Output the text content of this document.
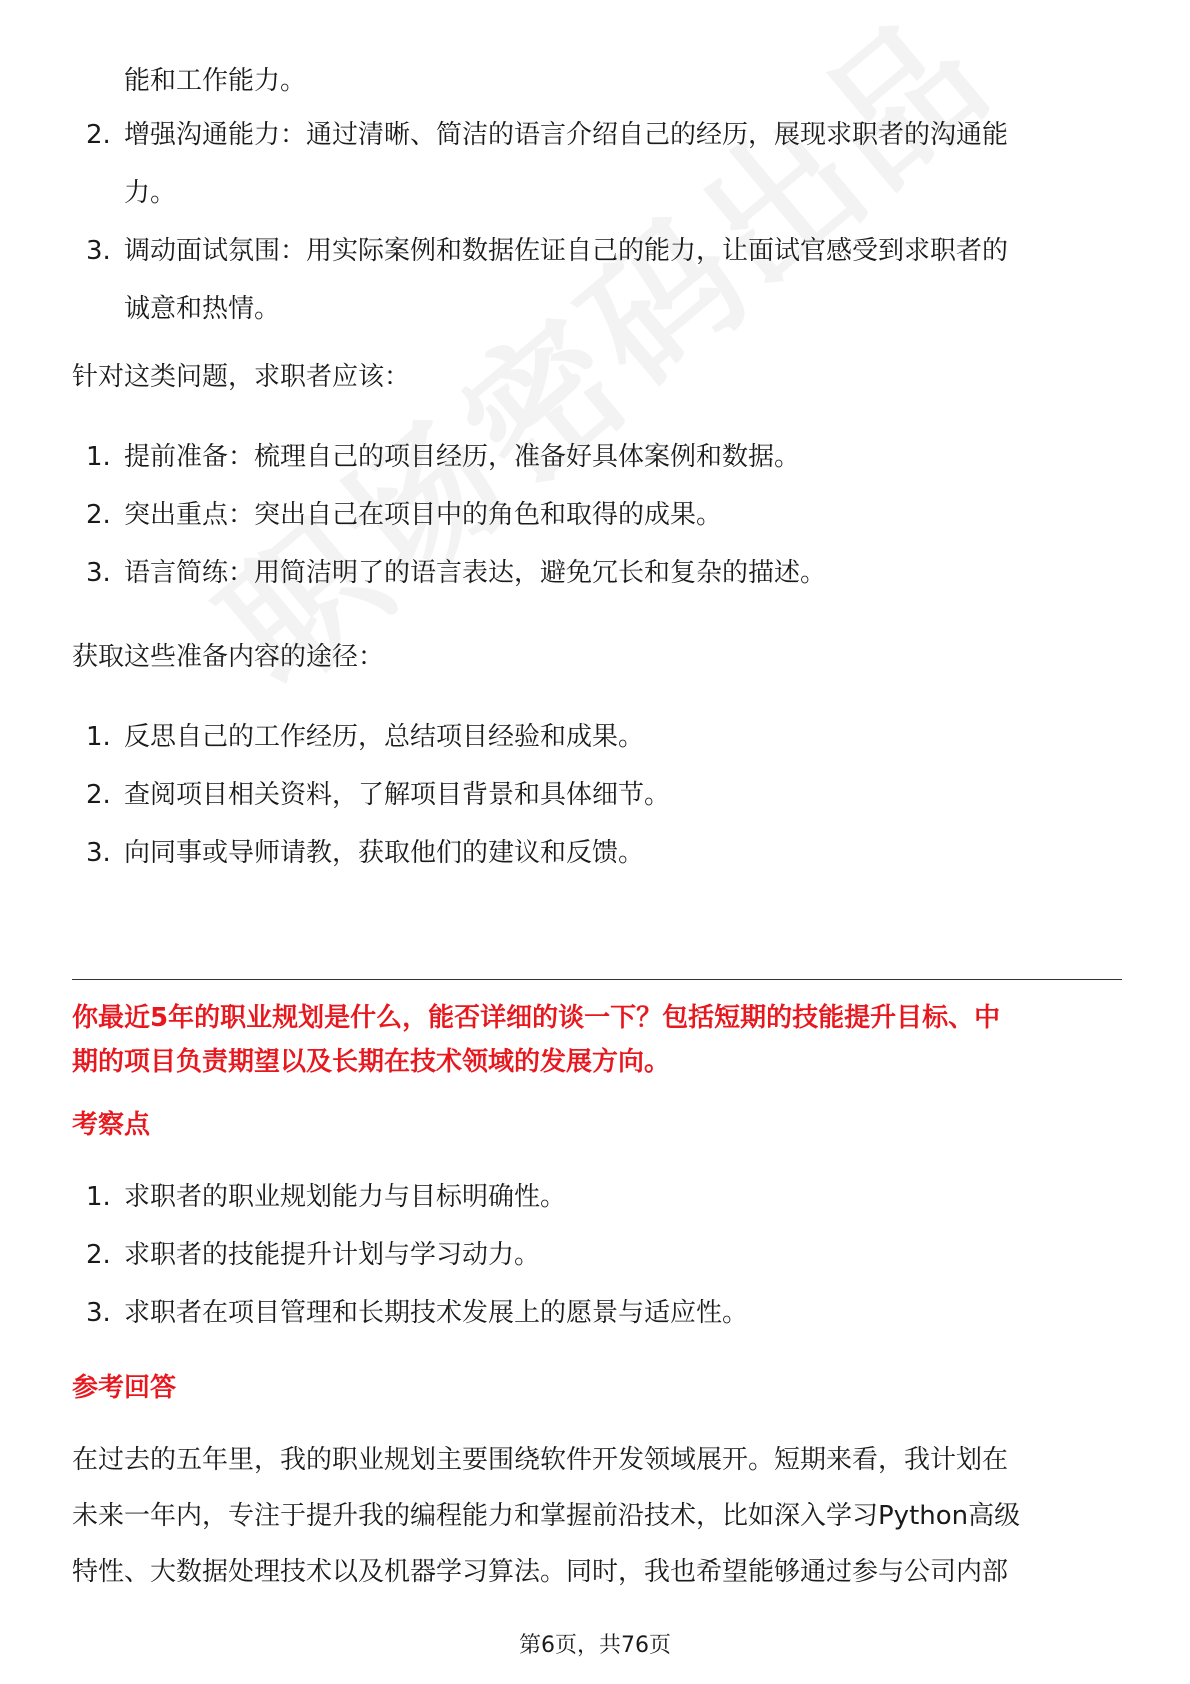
能和工作能力。

2. 增强沟通能力：通过清晰、简洁的语言介绍自己的经历，展现求职者的沟通能
力。
3. 调动面试氛围：用实际案例和数据佐证自己的能力，让面试官感受到求职者的
诚意和热情。

针对这类问题，求职者应该：

1. 提前准备：梳理自己的项目经历，准备好具体案例和数据。
2. 突出重点：突出自己在项目中的角色和取得的成果。
3. 语言简练：用简洁明了的语言表达，避免冗长和复杂的描述。

获取这些准备内容的途径：

1. 反思自己的工作经历，总结项目经验和成果。
2. 查阅项目相关资料，了解项目背景和具体细节。
3. 向同事或导师请教，获取他们的建议和反馈。

你最近5年的职业规划是什么，能否详细的谈一下？包括短期的技能提升目标、中

期的项目负责期望以及长期在技术领域的发展方向。

考察点

1. 求职者的职业规划能力与目标明确性。
2. 求职者的技能提升计划与学习动力。
3. 求职者在项目管理和长期技术发展上的愿景与适应性。

参考回答

在过去的五年里，我的职业规划主要围绕软件开发领域展开。短期来看，我计划在

未来一年内，专注于提升我的编程能力和掌握前沿技术，比如深入学习Python高级

特性、大数据处理技术以及机器学习算法。同时，我也希望能够通过参与公司内部

第6页，共76页
